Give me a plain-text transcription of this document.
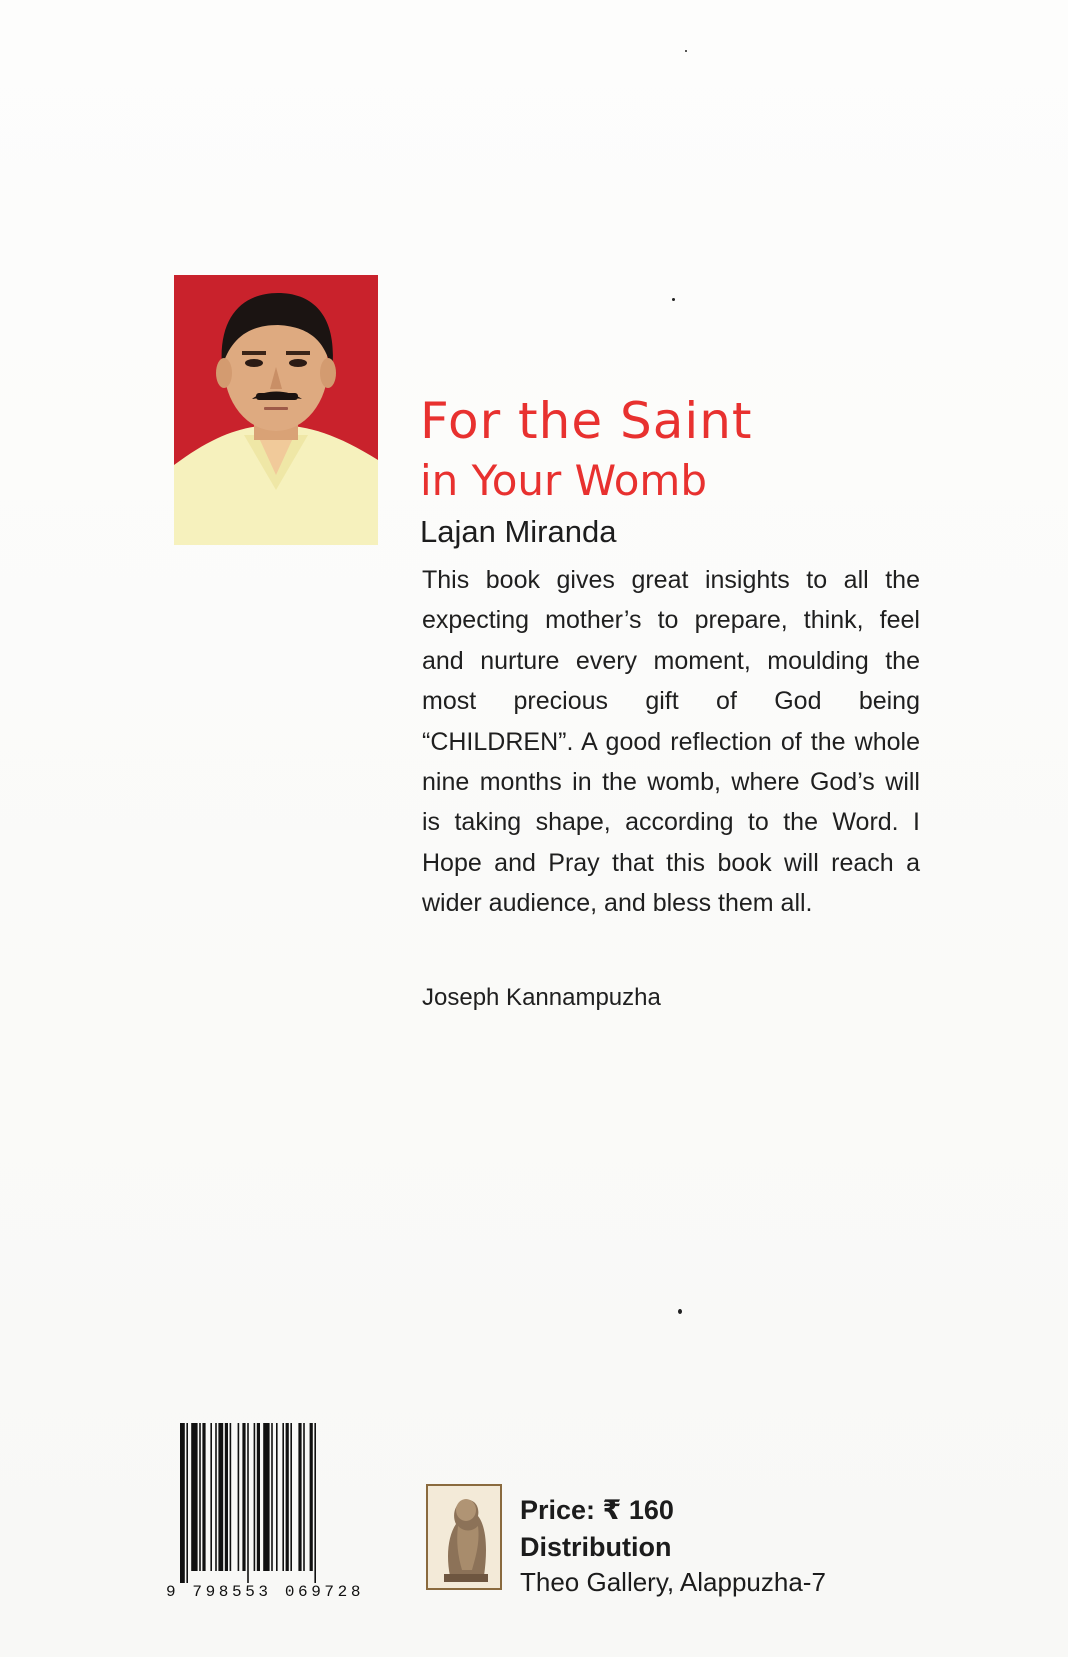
For the Saint
in Your Womb
Lajan Miranda
This book gives great insights to all the expecting mother’s to prepare, think, feel and nurture every moment, moulding the most precious gift of God being “CHILDREN”. A good reflection of the whole nine months in the womb, where God’s will is taking shape, according to the Word. I Hope and Pray that this book will reach a wider audience, and bless them all.
Joseph Kannampuzha
9 798553 069728
Price: ₹ 160
Distribution
Theo Gallery, Alappuzha-7
